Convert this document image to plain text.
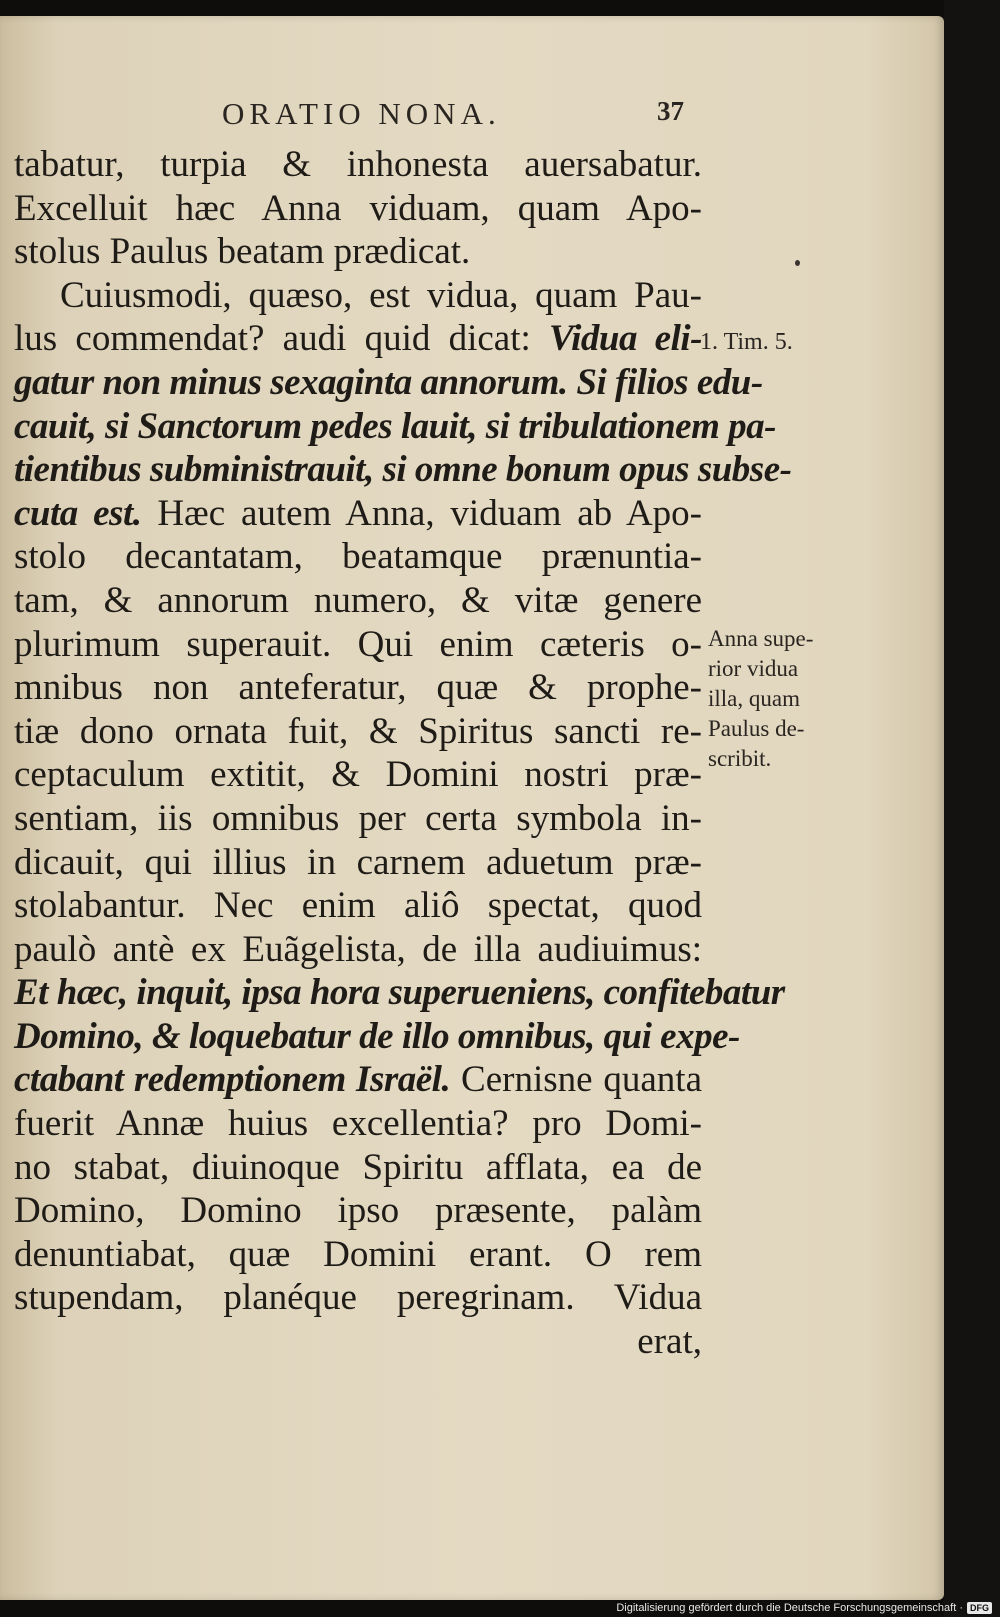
ORATIO NONA.	37
tabatur, turpia & inhonesta auersabatur.
Excelluit hæc Anna viduam, quam Apo-
stolus Paulus beatam prædicat.
Cuiusmodi, quæso, est vidua, quam Pau-
lus commendat? audi quid dicat: Vidua eli-
gatur non minus sexaginta annorum. Si filios edu-
cauit, si Sanctorum pedes lauit, si tribulationem pa-
tientibus subministrauit, si omne bonum opus subse-
cuta est. Hæc autem Anna, viduam ab Apo-
stolo decantatam, beatamque prænuntia-
tam, & annorum numero, & vitæ genere
plurimum superauit. Qui enim cæteris o-
mnibus non anteferatur, quæ & prophe-
tiæ dono ornata fuit, & Spiritus sancti re-
ceptaculum extitit, & Domini nostri præ-
sentiam, iis omnibus per certa symbola in-
dicauit, qui illius in carnem aduetum præ-
stolabantur. Nec enim aliô spectat, quod
paulò antè ex Euãgelista, de illa audiuimus:
Et hæc, inquit, ipsa hora superueniens, confitebatur
Domino, & loquebatur de illo omnibus, qui expe-
ctabant redemptionem Israël. Cernisne quanta
fuerit Annæ huius excellentia? pro Domi-
no stabat, diuinoque Spiritu afflata, ea de
Domino, Domino ipso præsente, palàm
denuntiabat, quæ Domini erant. O rem
stupendam, planéque peregrinam. Vidua
erat,
1. Tim. 5.
Anna supe-
rior vidua
illa, quam
Paulus de-
scribit.
Digitalisierung gefördert durch die Deutsche Forschungsgemeinschaft · DFG
